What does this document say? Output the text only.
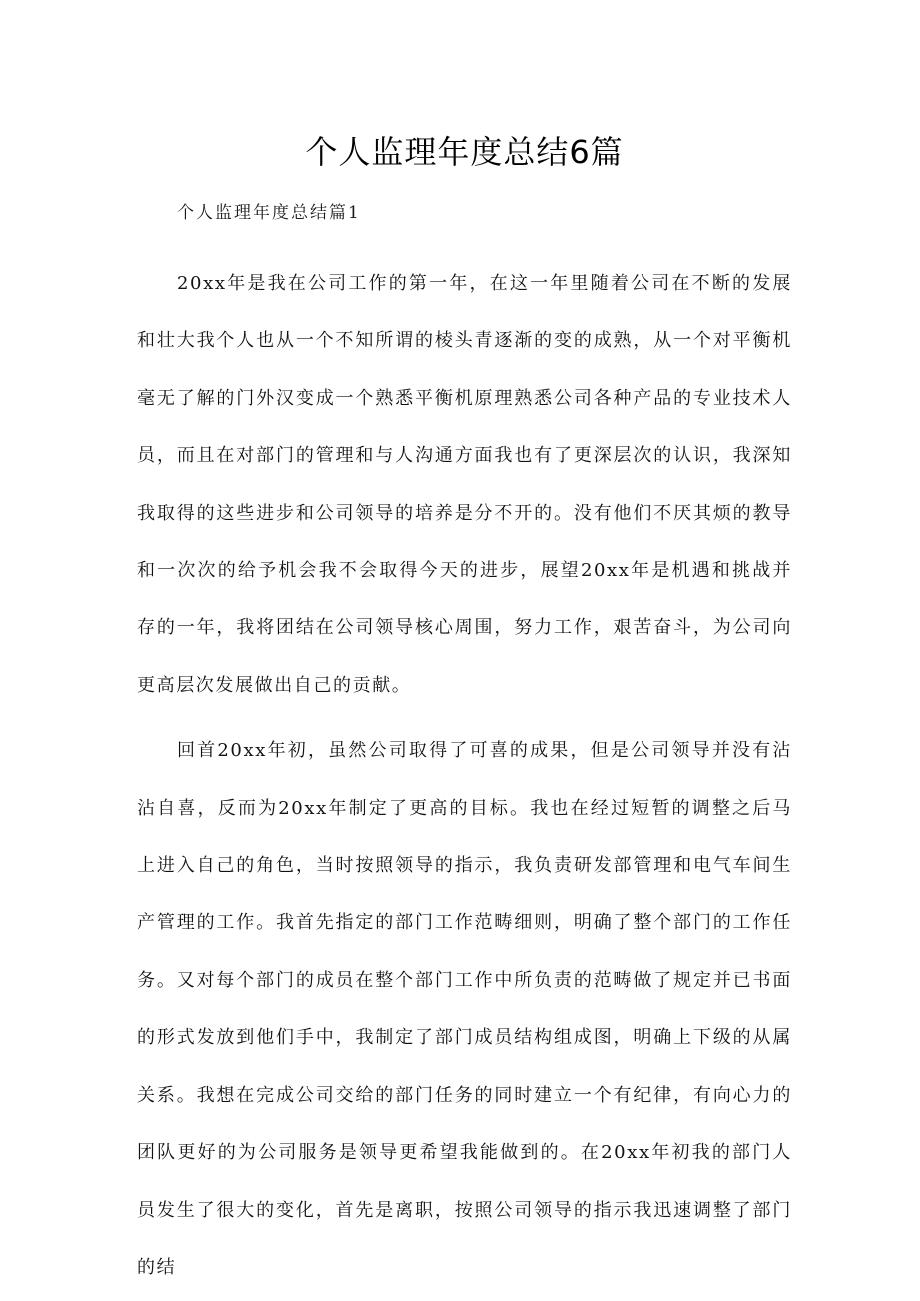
个人监理年度总结6篇

个人监理年度总结篇1

20xx年是我在公司工作的第一年，在这一年里随着公司在不断的发展和壮大我个人也从一个不知所谓的棱头青逐渐的变的成熟，从一个对平衡机毫无了解的门外汉变成一个熟悉平衡机原理熟悉公司各种产品的专业技术人员，而且在对部门的管理和与人沟通方面我也有了更深层次的认识，我深知我取得的这些进步和公司领导的培养是分不开的。没有他们不厌其烦的教导和一次次的给予机会我不会取得今天的进步，展望20xx年是机遇和挑战并存的一年，我将团结在公司领导核心周围，努力工作，艰苦奋斗，为公司向更高层次发展做出自己的贡献。

回首20xx年初，虽然公司取得了可喜的成果，但是公司领导并没有沾沾自喜，反而为20xx年制定了更高的目标。我也在经过短暂的调整之后马上进入自己的角色，当时按照领导的指示，我负责研发部管理和电气车间生产管理的工作。我首先指定的部门工作范畴细则，明确了整个部门的工作任务。又对每个部门的成员在整个部门工作中所负责的范畴做了规定并已书面的形式发放到他们手中，我制定了部门成员结构组成图，明确上下级的从属关系。我想在完成公司交给的部门任务的同时建立一个有纪律，有向心力的团队更好的为公司服务是领导更希望我能做到的。在20xx年初我的部门人员发生了很大的变化，首先是离职，按照公司领导的指示我迅速调整了部门的结
